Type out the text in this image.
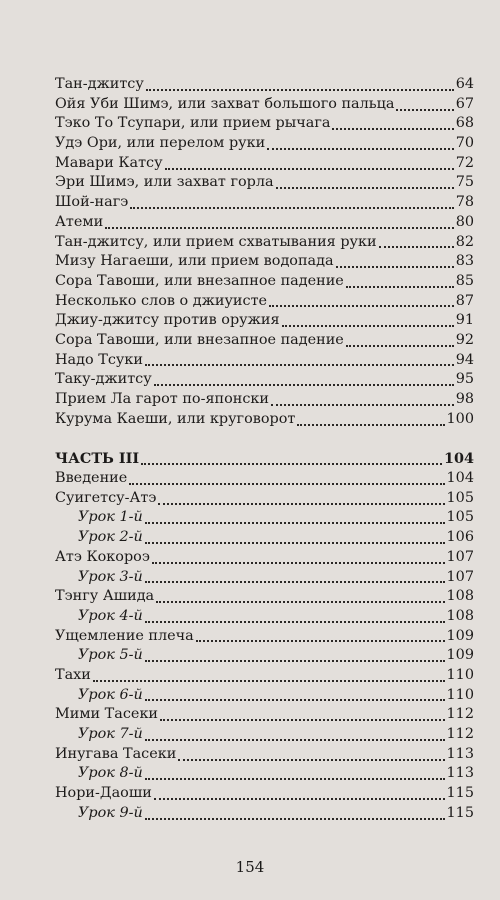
Тан-джитсу	64
Ойя Уби Шимэ, или захват большого пальца	67
Тэко То Тсупари, или прием рычага	68
Удэ Ори, или перелом руки	70
Мавари Катсу	72
Эри Шимэ, или захват горла	75
Шой-нагэ	78
Атеми	80
Тан-джитсу, или прием схватывания руки	82
Мизу Нагаеши, или прием водопада	83
Сора Тавоши, или внезапное падение	85
Несколько слов о джиуисте	87
Джиу-джитсу против оружия	91
Сора Тавоши, или внезапное падение	92
Надо Тсуки	94
Таку-джитсу	95
Прием Ла гарот по-японски	98
Курума Каеши, или круговорот	100
ЧАСТЬ III	104
Введение	104
Суигетсу-Атэ	105
Урок 1-й	105
Урок 2-й	106
Атэ Кокороэ	107
Урок 3-й	107
Тэнгу Ашида	108
Урок 4-й	108
Ущемление плеча	109
Урок 5-й	109
Тахи	110
Урок 6-й	110
Мими Тасеки	112
Урок 7-й	112
Инугава Тасеки	113
Урок 8-й	113
Нори-Даоши	115
Урок 9-й	115
154
